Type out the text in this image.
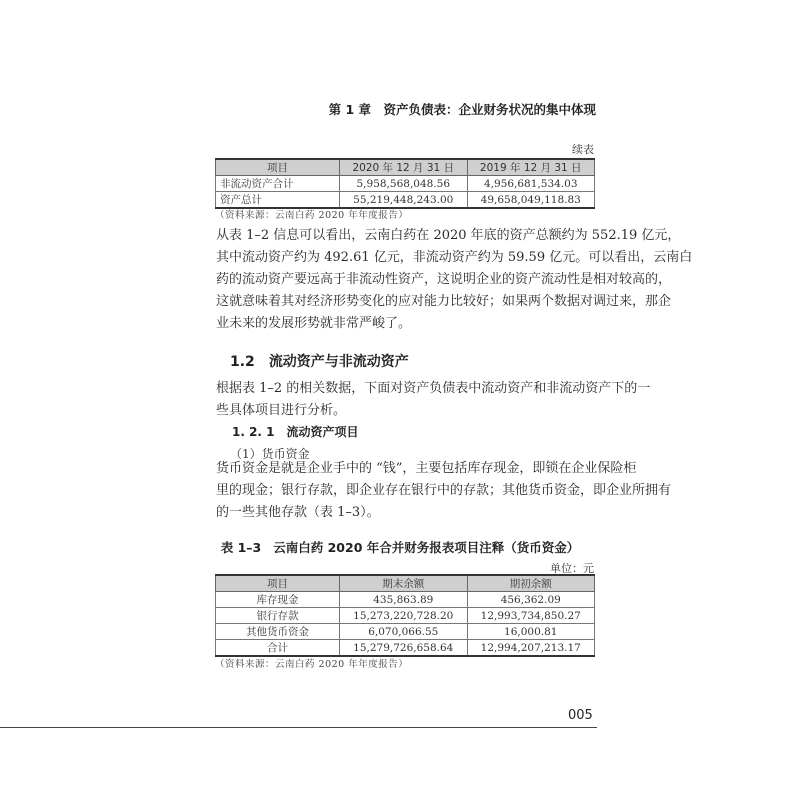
第 1 章　资产负债表：企业财务状况的集中体现
续表
项目	2020 年 12 月 31 日	2019 年 12 月 31 日
非流动资产合计	5,958,568,048.56	4,956,681,534.03
资产总计	55,219,448,243.00	49,658,049,118.83
（资料来源：云南白药 2020 年年度报告）
从表 1–2 信息可以看出，云南白药在 2020 年底的资产总额约为 552.19 亿元，
其中流动资产约为 492.61 亿元，非流动资产约为 59.59 亿元。可以看出，云南白
药的流动资产要远高于非流动性资产，这说明企业的资产流动性是相对较高的，
这就意味着其对经济形势变化的应对能力比较好；如果两个数据对调过来，那企
业未来的发展形势就非常严峻了。
1.2 流动资产与非流动资产
根据表 1–2 的相关数据，下面对资产负债表中流动资产和非流动资产下的一
些具体项目进行分析。
1. 2. 1 流动资产项目
（1）货币资金
货币资金是就是企业手中的 “钱”，主要包括库存现金，即锁在企业保险柜
里的现金；银行存款，即企业存在银行中的存款；其他货币资金，即企业所拥有
的一些其他存款（表 1–3）。
表 1–3 云南白药 2020 年合并财务报表项目注释（货币资金）
单位：元
项目	期末余额	期初余额
库存现金	435,863.89	456,362.09
银行存款	15,273,220,728.20	12,993,734,850.27
其他货币资金	6,070,066.55	16,000.81
合计	15,279,726,658.64	12,994,207,213.17
（资料来源：云南白药 2020 年年度报告）
005
